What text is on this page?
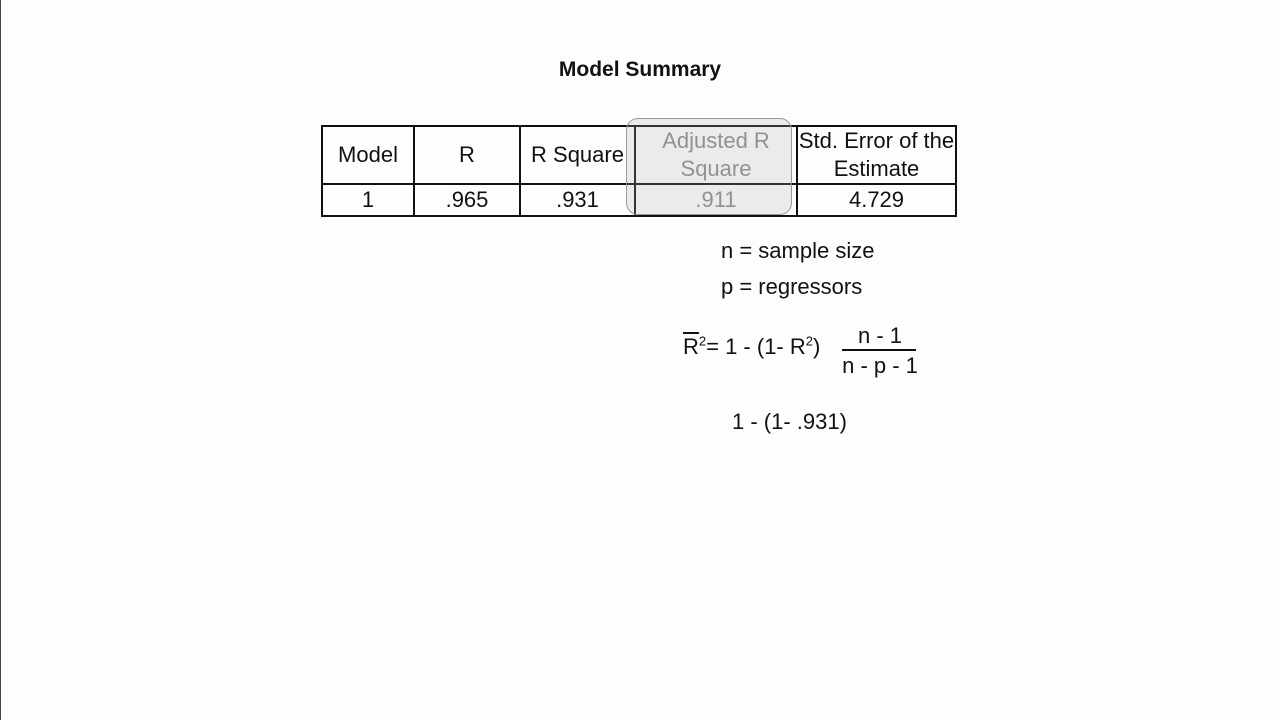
Model Summary
Model	R	R Square	Adjusted R Square	Std. Error of the Estimate
1	.965	.931	.911	4.729
n = sample size
p = regressors
$\overline{R}^2= 1 - (1-$ $R^2$)	n - 1
n - p - 1
1 - (1- .931)
